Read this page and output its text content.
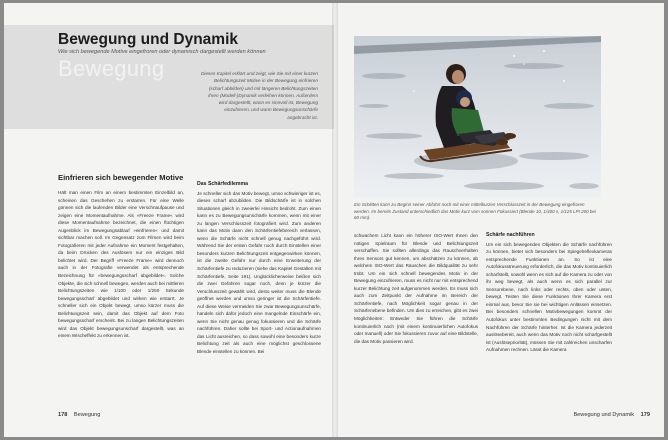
Bewegung und Dynamik
Wie sich bewegende Motive eingefroren oder dynamisch dargestellt werden können
Bewegung	Dieses Kapitel erklärt und zeigt, wie Sie mit einer kurzen Belichtungszeit Motive in der Bewegung einfrieren (scharf abbilden) und mit längeren Belichtungszeiten ihren (Modell-)Dynamik verleihen können. Außerdem wird dargestellt, wann es sinnvoll ist, Bewegung einzufrieren, und wann Bewegungsunschärfe angebracht ist.
Einfrieren sich bewegender Motive

Hält man einen Film an einem bestimmten Einzelbild an, scheinen das Geschehen zu erstarren. Für eine Welle gönnen sich die laufenden Bilder eine Verschnaufpause und zeigen eine Momentaufnahme. Als »Freeze Frame« wird diese Momentaufnahme bezeichnet, die einen flüchtigen Augenblick im Bewegungsablauf »einfrieren« und damit sichtbar machen soll. Im Gegensatz zum Filmen wird beim Fotografieren mit jeder Aufnahme ein Moment festgehalten, da beim Drücken des Auslösers nur ein einziges Bild belichtet wird. Der Begriff »Freeze Frame« wird dennoch auch in der Fotografie verwendet als entsprechende Bezeichnung für »bewegungsscharf abgebildet«. Solche Objekte, die sich schnell bewegen, werden auch bei mittleren Belichtungszeiten wie 1/100 oder 1/250 Sekunde bewegungsscharf abgebildet und wirken wie erstarrt. Je schneller sich ein Objekt bewegt, umso kürzer muss die Belichtungszeit sein, damit das Objekt auf dem Foto bewegungsscharf erscheint. Bei zu langen Belichtungszeiten wird das Objekt bewegungsunscharf dargestellt, was an einem Wischeffekt zu erkennen ist.

Das Schärfedilemma

Je schneller sich das Motiv bewegt, umso schwieriger ist es, dieses scharf abzubilden. Die Bildschärfe ist in solchen Situationen gleich in zweierlei Hinsicht bedroht. Zum einen kann es zu Bewegungsunschärfe kommen, wenn mit einer zu langen Verschlusszeit fotografiert wird. Zum anderen kann das Motiv dann den Schärfentiefebereich verlassen, wenn die Schärfe nicht schnell genug nachgeführt wird. Während Sie der ersten Gefahr noch durch Einstellen einer besonders kurzen Belichtungszeit entgegenwirken können, ist die zweite Gefahr nur durch eine Erweiterung der Schärfentiefe zu reduzieren (siehe das Kapitel Gestalten mit Schärfentiefe, Seite 191). Unglücklicherweise beißen sich die zwei Gefahren sogar noch, denn je kürzer die Verschlusszeit gewählt wird, desto weiter muss die Blende geöffnet werden und umso geringer ist die Schärfentiefe. Auf diese Weise vermeiden Sie zwar Bewegungsunschärfe, handeln sich dafür jedoch eine mangelnde Einschärfe ein, wenn Sie nicht genau genug fokussieren und die Schärfe nachführen. Daher sollte bei Sport- und Actionaufnahmen das Licht ausreichen, so dass sowohl eine besonders kurze Belichtung zeit als auch eine möglichst geschlossene Blende einstellen zu können. Bei

178 Bewegung
Ein Schlitten kann zu Beginn seiner Abfahrt noch mit einer mittelkurzen Verschlusszeit in der Bewegung eingefroren werden. Im bereits Zustand unterschiedlich das Motiv kurz vom sonnen Fokussiert (Blende 10, 1/400 s, 1/125 LPI 200 bei 60 mm).

schwachem Licht kann ein höherer ISO-Wert Ihnen den nötigen Spielraum für Blende und Belichtungszeit verschaffen. Sie sollten allerdings das Rauschverhalten Ihres Sensors gut kennen, um abschätzen zu können, ab welchem ISO-Wert das Rauschen die Bildqualität zu sehr trübt. Um ein sich schnell bewegendes Motiv in der Bewegung einzufrieren, muss es nicht nur mit entsprechend kurzer Belichtung zeit aufgenommen werden. Es muss sich auch zum Zeitpunkt der Aufnahme im Bereich der Schärfentiefe, nach Möglichkeit sogar genau in der Schärfenebene befinden. Um dies zu erreichen, gibt es zwei Möglichkeiten: Entweder Sie führen die Schärfe kontinuierlich nach (mit einem kontinuierlichen Autofokus oder manuell) oder Sie fokussieren zuvor auf eine Bildstelle, die das Motiv passieren wird.

Schärfe nachführen

Um ein sich bewegenden Objekten die Schärfe nachführen zu können, bietet sich besonders bei Spiegelreflexkameras entsprechende Funktionen an. So ist eine Autofokusstreuerung erforderlich, die das Motiv kontinuierlich scharfstellt, sowohl wenn es sich auf die Kamera zu oder von ihr weg bewegt, als auch wenn es sich parallel zur Sensorebene, nach links oder rechts, oben oder unten, bewegt. Testen Sie diese Funktionen Ihrer Kamera erst einmal aus, bevor Sie sie bei wichtigen Anlässen einsetzen. Bei besonders schnellen Motivbewegungen kommt der Autofokus unter bestimmten Bedingungen nicht mit dem Nachführen der Schärfe hinterher. Ist die Kamera jederzeit auslösebereit, auch wenn das Motiv noch nicht scharfgestellt ist (Auslösepriorität), müssen Sie mit zahlreichen unscharfen Aufnahmen rechnen. Lässt die Kamera

Bewegung und Dynamik 179
